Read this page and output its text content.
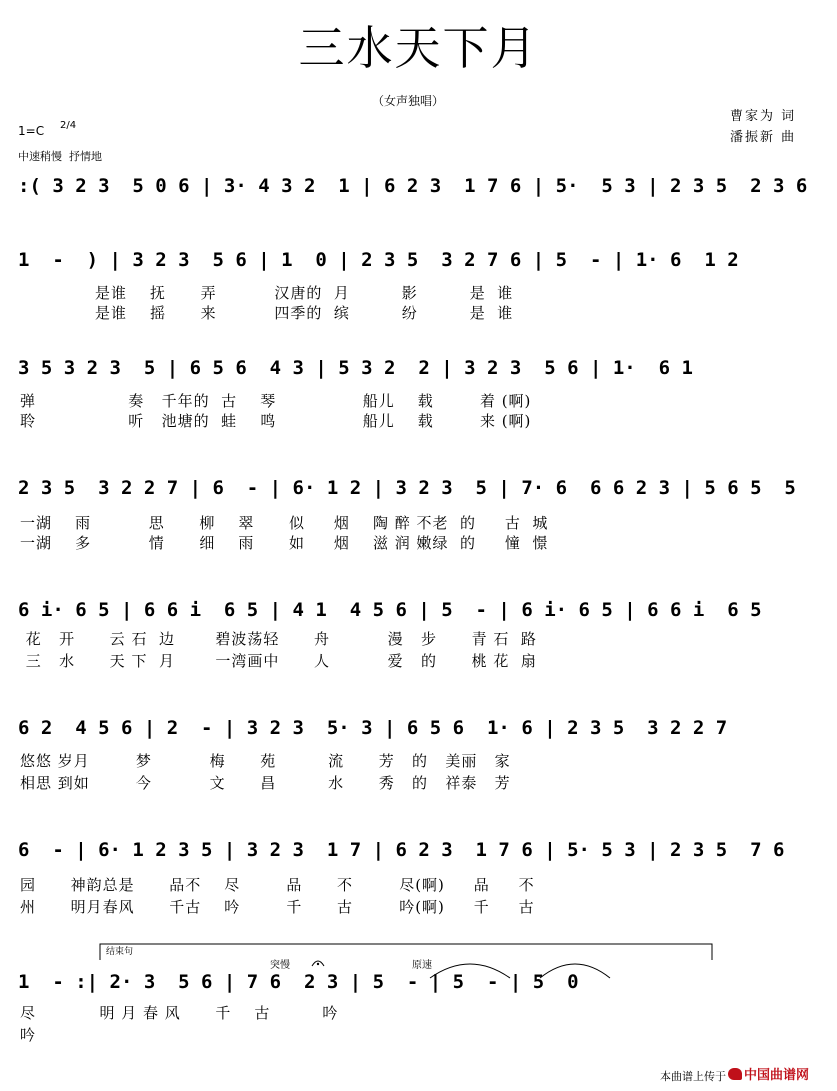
三水天下月
（女声独唱）
曹家为 词
潘振新 曲
1=C 2/4
中速稍慢  抒情地
:( 3 2 3  5 0 6 | 3· 4 3 2  1 | 6 2 3  1 7 6 | 5·  5 3 | 2 3 5  2 3 6
1  -  ) | 3 2 3  5 6 | 1  0 | 2 3 5  3 2 7 6 | 5  - | 1· 6  1 2
是谁    抚      弄          汉唐的  月         影         是  谁
是谁    摇      来          四季的  缤         纷         是  谁
3 5 3 2 3  5 | 6 5 6  4 3 | 5 3 2  2 | 3 2 3  5 6 | 1·  6 1
弹                奏   千年的  古    琴               船儿    载        着 (啊)
聆                听   池塘的  蛙    鸣               船儿    载        来 (啊)
2 3 5  3 2 2 7 | 6  - | 6· 1 2 | 3 2 3  5 | 7· 6  6 6 2 3 | 5 6 5  5
一湖    雨          思      柳    翠      似     烟    陶 醉 不老  的     古  城
一湖    多          情      细    雨      如     烟    滋 润 嫩绿  的     憧  憬
6 i· 6 5 | 6 6 i  6 5 | 4 1  4 5 6 | 5  - | 6 i· 6 5 | 6 6 i  6 5
花   开      云 石  边       碧波荡轻      舟          漫   步      青 石  路
三   水      天 下  月       一湾画中      人          爱   的      桃 花  扇
6 2  4 5 6 | 2  - | 3 2 3  5· 3 | 6 5 6  1· 6 | 2 3 5  3 2 2 7
悠悠 岁月        梦          梅      苑         流      芳   的   美丽   家
相思 到如        今          文      昌         水      秀   的   祥泰   芳
6  - | 6· 1 2 3 5 | 3 2 3  1 7 | 6 2 3  1 7 6 | 5· 5 3 | 2 3 5  7 6
园      神韵总是      品不    尽        品      不        尽(啊)     品     不
州      明月春风      千古    吟        千      古        吟(啊)     千     古
1  - :| 2· 3  5 6 | 7 6  2 3 | 5  - | 5  - | 5  0
尽           明 月 春 风      千    古         吟
吟
结束句
突慢	原速
本曲谱上传于	中国曲谱网
